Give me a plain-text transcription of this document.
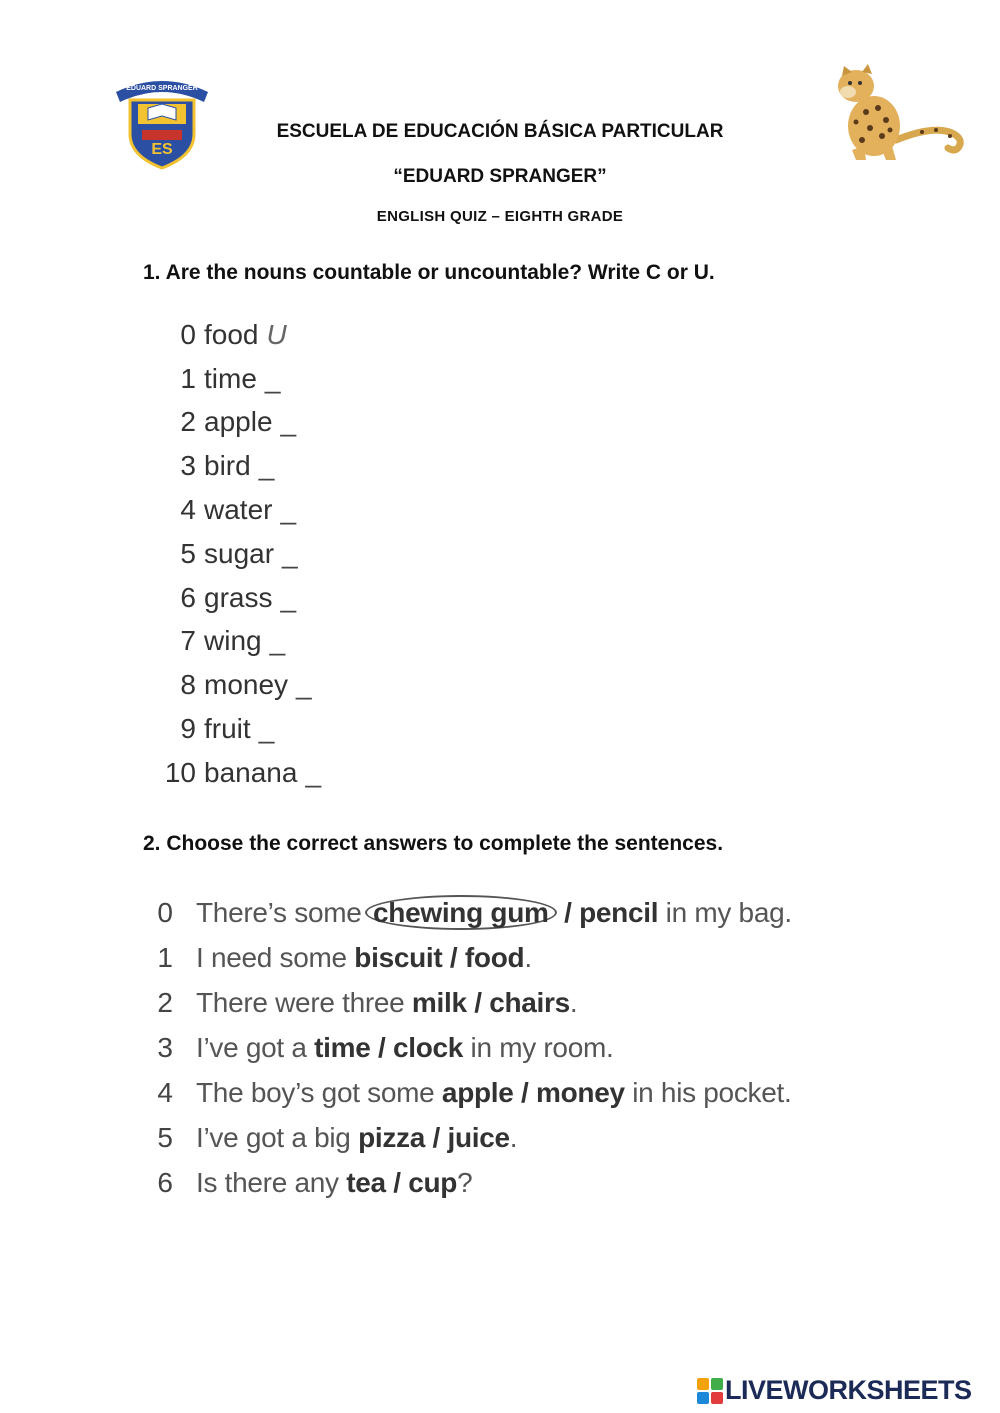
EDUARD SPRANGER
ES
ESCUELA DE EDUCACIÓN BÁSICA PARTICULAR
“EDUARD SPRANGER”
ENGLISH QUIZ – EIGHTH GRADE
1. Are the nouns countable or uncountable? Write C or U.
0 food U
1 time _
2 apple _
3 bird _
4 water _
5 sugar _
6 grass _
7 wing _
8 money _
9 fruit _
10 banana _
2. Choose the correct answers to complete the sentences.
0 There’s some chewing gum / pencil in my bag.
1 I need some biscuit / food.
2 There were three milk / chairs.
3 I’ve got a time / clock in my room.
4 The boy’s got some apple / money in his pocket.
5 I’ve got a big pizza / juice.
6 Is there any tea / cup?
LIVEWORKSHEETS
